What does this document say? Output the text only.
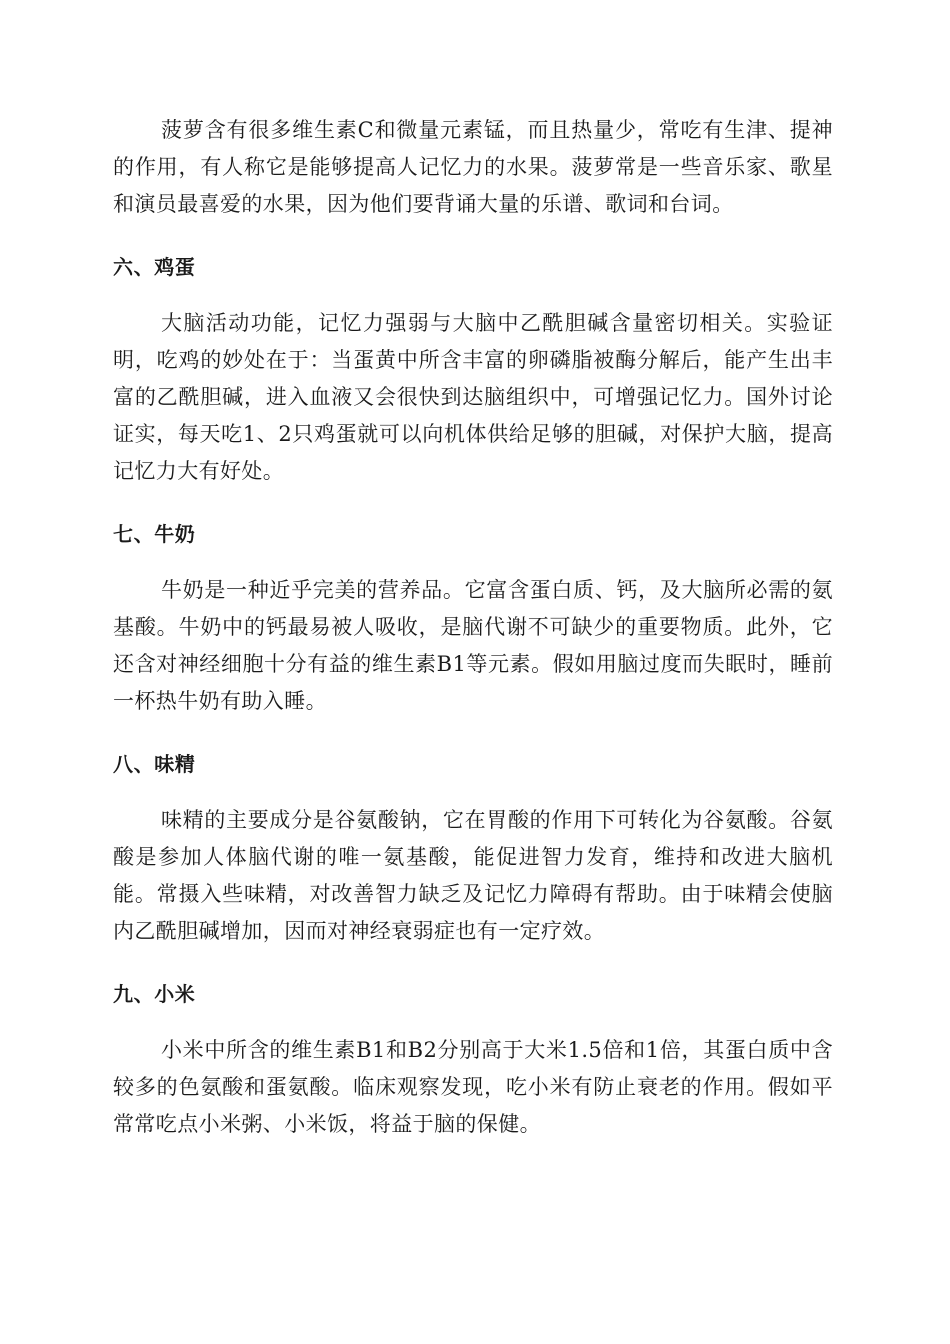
菠萝含有很多维生素C和微量元素锰，而且热量少，常吃有生津、提神的作用，有人称它是能够提高人记忆力的水果。菠萝常是一些音乐家、歌星和演员最喜爱的水果，因为他们要背诵大量的乐谱、歌词和台词。

六、鸡蛋

大脑活动功能，记忆力强弱与大脑中乙酰胆碱含量密切相关。实验证明，吃鸡的妙处在于：当蛋黄中所含丰富的卵磷脂被酶分解后，能产生出丰富的乙酰胆碱，进入血液又会很快到达脑组织中，可增强记忆力。国外讨论证实，每天吃1、2只鸡蛋就可以向机体供给足够的胆碱，对保护大脑，提高记忆力大有好处。

七、牛奶

牛奶是一种近乎完美的营养品。它富含蛋白质、钙，及大脑所必需的氨基酸。牛奶中的钙最易被人吸收，是脑代谢不可缺少的重要物质。此外，它还含对神经细胞十分有益的维生素B1等元素。假如用脑过度而失眠时，睡前一杯热牛奶有助入睡。

八、味精

味精的主要成分是谷氨酸钠，它在胃酸的作用下可转化为谷氨酸。谷氨酸是参加人体脑代谢的唯一氨基酸，能促进智力发育，维持和改进大脑机能。常摄入些味精，对改善智力缺乏及记忆力障碍有帮助。由于味精会使脑内乙酰胆碱增加，因而对神经衰弱症也有一定疗效。

九、小米

小米中所含的维生素B1和B2分别高于大米1.5倍和1倍，其蛋白质中含较多的色氨酸和蛋氨酸。临床观察发现，吃小米有防止衰老的作用。假如平常常吃点小米粥、小米饭，将益于脑的保健。
